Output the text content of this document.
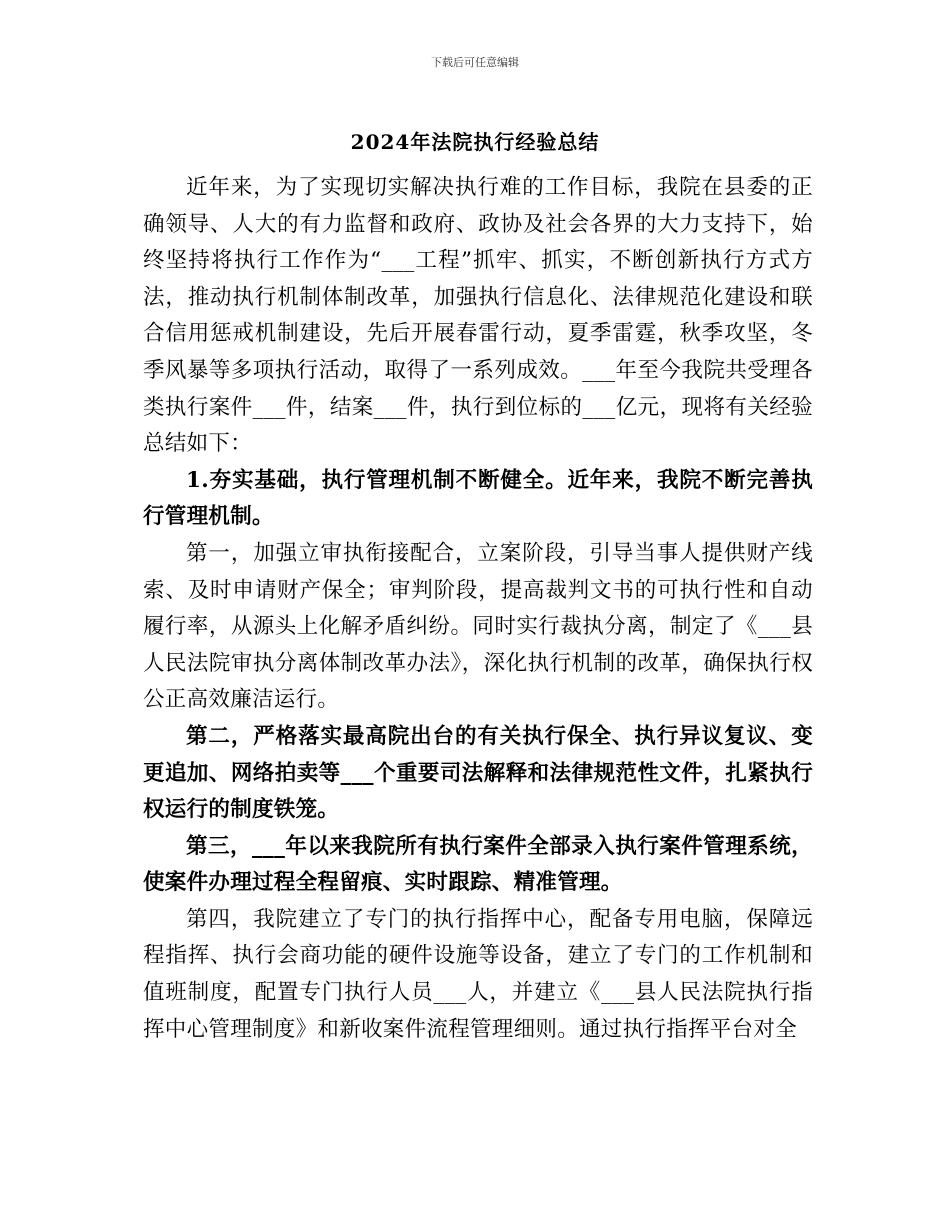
下载后可任意编辑
2024年法院执行经验总结

近年来，为了实现切实解决执行难的工作目标，我院在县委的正确领导、人大的有力监督和政府、政协及社会各界的大力支持下，始终坚持将执行工作作为“___工程”抓牢、抓实，不断创新执行方式方法，推动执行机制体制改革，加强执行信息化、法律规范化建设和联合信用惩戒机制建设，先后开展春雷行动，夏季雷霆，秋季攻坚，冬季风暴等多项执行活动，取得了一系列成效。___年至今我院共受理各类执行案件___件，结案___件，执行到位标的___亿元，现将有关经验总结如下：

1.夯实基础，执行管理机制不断健全。近年来，我院不断完善执行管理机制。

第一，加强立审执衔接配合，立案阶段，引导当事人提供财产线索、及时申请财产保全；审判阶段，提高裁判文书的可执行性和自动履行率，从源头上化解矛盾纠纷。同时实行裁执分离，制定了《___县人民法院审执分离体制改革办法》，深化执行机制的改革，确保执行权公正高效廉洁运行。

第二，严格落实最高院出台的有关执行保全、执行异议复议、变更追加、网络拍卖等___个重要司法解释和法律规范性文件，扎紧执行权运行的制度铁笼。

第三，___年以来我院所有执行案件全部录入执行案件管理系统，使案件办理过程全程留痕、实时跟踪、精准管理。

第四，我院建立了专门的执行指挥中心，配备专用电脑，保障远程指挥、执行会商功能的硬件设施等设备，建立了专门的工作机制和值班制度，配置专门执行人员___人，并建立《___县人民法院执行指挥中心管理制度》和新收案件流程管理细则。通过执行指挥平台对全
